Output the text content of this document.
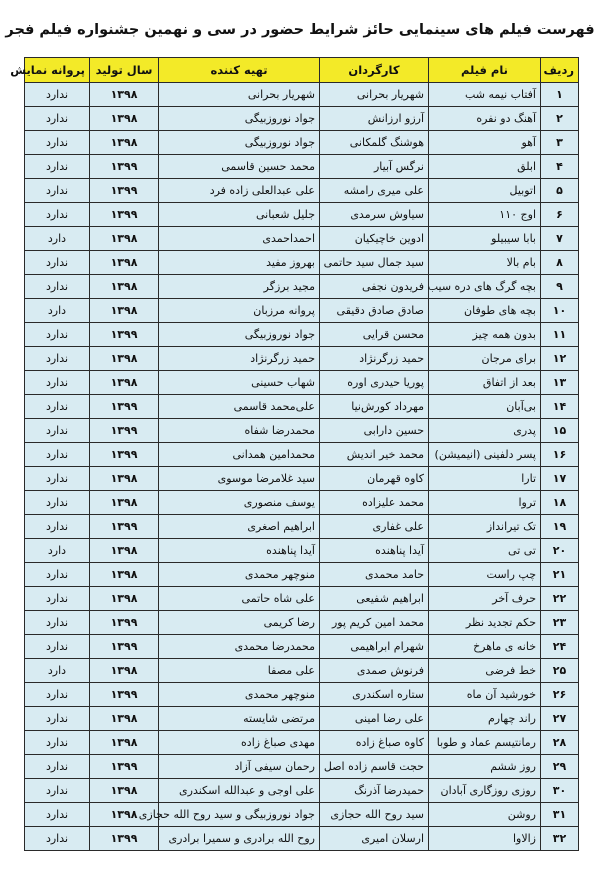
فهرست فیلم های سینمایی حائز شرایط حضور در سی و نهمین جشنواره فیلم فجر
ردیف	نام فیلم	کارگردان	تهیه کننده	سال تولید	پروانه نمایش
۱	آفتاب نیمه شب	شهریار بحرانی	شهریار بحرانی	۱۳۹۸	ندارد
۲	آهنگ دو نفره	آرزو ارزانش	جواد نوروزبیگی	۱۳۹۸	ندارد
۳	آهو	هوشنگ گلمکانی	جواد نوروزبیگی	۱۳۹۸	ندارد
۴	ابلق	نرگس آبیار	محمد حسین قاسمی	۱۳۹۹	ندارد
۵	اتوبیل	علی میری رامشه	علی عبدالعلی زاده فرد	۱۳۹۹	ندارد
۶	اوج ۱۱۰	سیاوش سرمدی	جلیل شعبانی	۱۳۹۹	ندارد
۷	بابا سیبیلو	ادوین خاچیکیان	احمداحمدی	۱۳۹۸	دارد
۸	بام بالا	سید جمال سید حاتمی	بهروز مفید	۱۳۹۸	ندارد
۹	بچه گرگ های دره سیب	فریدون نجفی	مجید برزگر	۱۳۹۸	ندارد
۱۰	بچه های طوفان	صادق صادق دقیقی	پروانه مرزبان	۱۳۹۸	دارد
۱۱	بدون همه چیز	محسن قرایی	جواد نوروزبیگی	۱۳۹۹	ندارد
۱۲	برای مرجان	حمید زرگرنژاد	حمید زرگرنژاد	۱۳۹۸	ندارد
۱۳	بعد از اتفاق	پوریا حیدری اوره	شهاب حسینی	۱۳۹۸	ندارد
۱۴	بی‌آبان	مهرداد کورش‌نیا	علی‌محمد قاسمی	۱۳۹۹	ندارد
۱۵	پدری	حسین دارابی	محمدرضا شفاه	۱۳۹۹	ندارد
۱۶	پسر دلفینی (انیمیشن)	محمد خیر اندیش	محمدامین همدانی	۱۳۹۹	ندارد
۱۷	تارا	کاوه قهرمان	سید غلامرضا موسوی	۱۳۹۸	ندارد
۱۸	تروا	محمد علیزاده	یوسف منصوری	۱۳۹۸	ندارد
۱۹	تک تیرانداز	علی غفاری	ابراهیم اصغری	۱۳۹۹	ندارد
۲۰	تی تی	آیدا پناهنده	آیدا پناهنده	۱۳۹۸	دارد
۲۱	چپ راست	حامد محمدی	منوچهر محمدی	۱۳۹۸	ندارد
۲۲	حرف آخر	ابراهیم شفیعی	علی شاه حاتمی	۱۳۹۸	ندارد
۲۳	حکم تجدید نظر	محمد امین کریم پور	رضا کریمی	۱۳۹۹	ندارد
۲۴	خانه ی ماهرخ	شهرام ابراهیمی	محمدرضا محمدی	۱۳۹۹	ندارد
۲۵	خط فرضی	فرنوش صمدی	علی مصفا	۱۳۹۸	دارد
۲۶	خورشید آن ماه	ستاره اسکندری	منوچهر محمدی	۱۳۹۹	ندارد
۲۷	راند چهارم	علی رضا امینی	مرتضی شایسته	۱۳۹۸	ندارد
۲۸	رمانتیسم عماد و طوبا	کاوه صباغ زاده	مهدی صباغ زاده	۱۳۹۸	ندارد
۲۹	روز ششم	حجت قاسم زاده اصل	رحمان سیفی آزاد	۱۳۹۹	ندارد
۳۰	روزی روزگاری آبادان	حمیدرضا آذرنگ	علی اوجی و عبدالله اسکندری	۱۳۹۸	ندارد
۳۱	روشن	سید روح الله حجازی	جواد نوروزبیگی و سید روح الله حجازی	۱۳۹۸	ندارد
۳۲	زالاوا	ارسلان امیری	روح الله برادری و سمیرا برادری	۱۳۹۹	ندارد
